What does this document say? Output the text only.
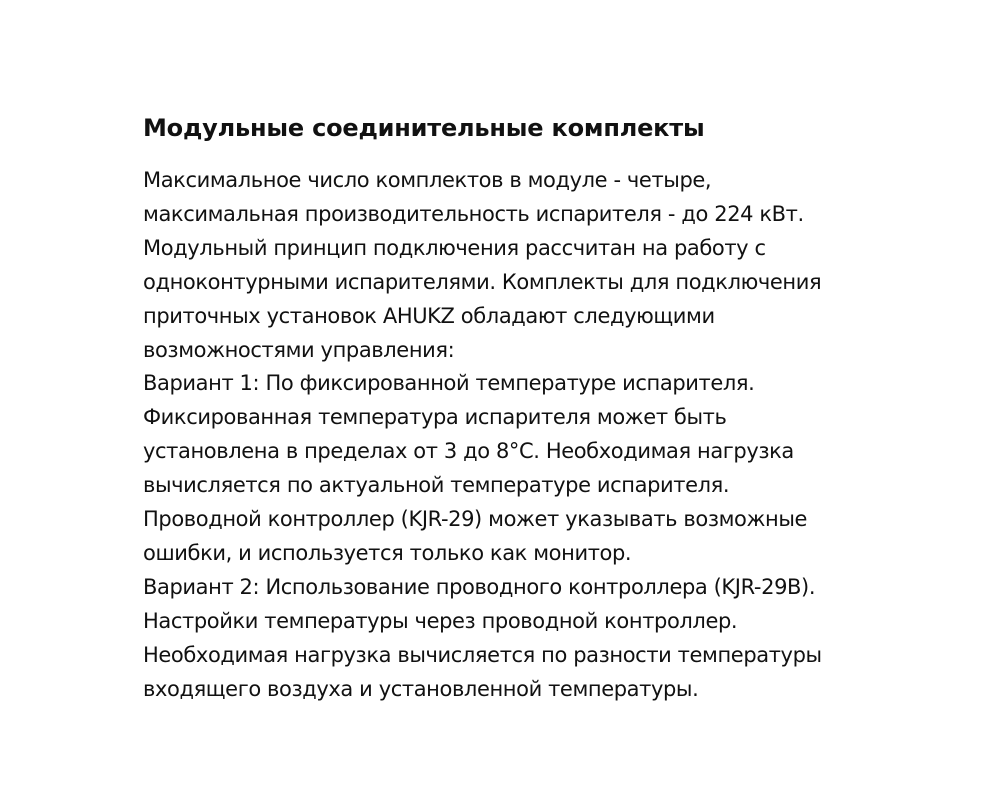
Модульные соединительные комплекты
Максимальное число комплектов в модуле - четыре,
максимальная производительность испарителя - до 224 кВт.
Модульный принцип подключения рассчитан на работу с
одноконтурными испарителями. Комплекты для подключения
приточных установок AHUKZ обладают следующими
возможностями управления:
Вариант 1: По фиксированной температуре испарителя.
Фиксированная температура испарителя может быть
установлена в пределах от 3 до 8°С. Необходимая нагрузка
вычисляется по актуальной температуре испарителя.
Проводной контроллер (KJR-29) может указывать возможные
ошибки, и используется только как монитор.
Вариант 2: Использование проводного контроллера (KJR-29B).
Настройки температуры через проводной контроллер.
Необходимая нагрузка вычисляется по разности температуры
входящего воздуха и установленной температуры.
